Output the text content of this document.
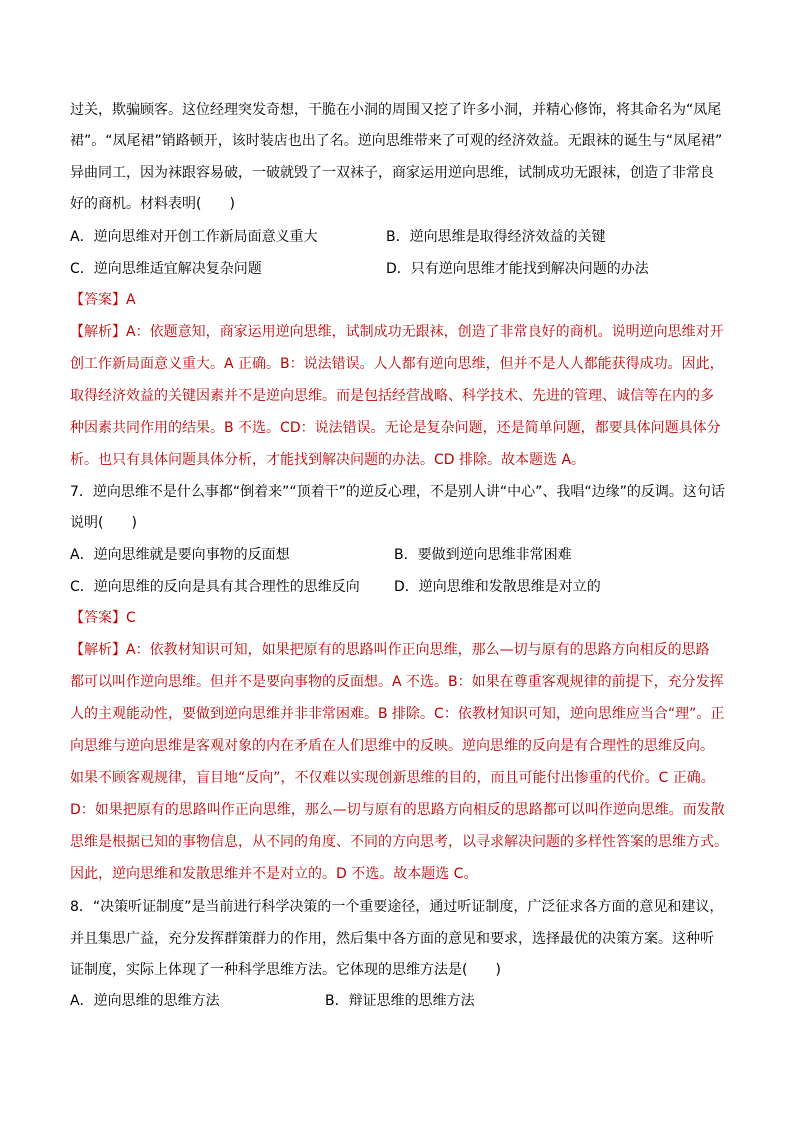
过关，欺骗顾客。这位经理突发奇想，干脆在小洞的周围又挖了许多小洞，并精心修饰，将其命名为“凤尾
裙”。“凤尾裙”销路顿开，该时装店也出了名。逆向思维带来了可观的经济效益。无跟袜的诞生与“凤尾裙”
异曲同工，因为袜跟容易破，一破就毁了一双袜子，商家运用逆向思维，试制成功无跟袜，创造了非常良
好的商机。材料表明(　　)
A．逆向思维对开创工作新局面意义重大	B．逆向思维是取得经济效益的关键
C．逆向思维适宜解决复杂问题	D．只有逆向思维才能找到解决问题的办法
【答案】A
【解析】A：依题意知，商家运用逆向思维，试制成功无跟袜，创造了非常良好的商机。说明逆向思维对开
创工作新局面意义重大。A 正确。B：说法错误。人人都有逆向思维，但并不是人人都能获得成功。因此，
取得经济效益的关键因素并不是逆向思维。而是包括经营战略、科学技术、先进的管理、诚信等在内的多
种因素共同作用的结果。B 不选。CD：说法错误。无论是复杂问题，还是简单问题，都要具体问题具体分
析。也只有具体问题具体分析，才能找到解决问题的办法。CD 排除。故本题选 A。
7．逆向思维不是什么事都“倒着来”“顶着干”的逆反心理，不是别人讲“中心”、我唱“边缘”的反调。这句话
说明(　　)
A．逆向思维就是要向事物的反面想	B．要做到逆向思维非常困难
C．逆向思维的反向是具有其合理性的思维反向 D．逆向思维和发散思维是对立的
【答案】C
【解析】A：依教材知识可知，如果把原有的思路叫作正向思维，那么—切与原有的思路方向相反的思路
都可以叫作逆向思维。但并不是要向事物的反面想。A 不选。B：如果在尊重客观规律的前提下，充分发挥
人的主观能动性，要做到逆向思维并非非常困难。B 排除。C：依教材知识可知，逆向思维应当合“理”。正
向思维与逆向思维是客观对象的内在矛盾在人们思维中的反映。逆向思维的反向是有合理性的思维反向。
如果不顾客观规律，盲目地“反向”，不仅难以实现创新思维的目的，而且可能付出惨重的代价。C 正确。
D：如果把原有的思路叫作正向思维，那么—切与原有的思路方向相反的思路都可以叫作逆向思维。而发散
思维是根据已知的事物信息，从不同的角度、不同的方向思考，以寻求解决问题的多样性答案的思维方式。
因此，逆向思维和发散思维并不是对立的。D 不选。故本题选 C。
8．“决策听证制度”是当前进行科学决策的一个重要途径，通过听证制度，广泛征求各方面的意见和建议，
并且集思广益，充分发挥群策群力的作用，然后集中各方面的意见和要求，选择最优的决策方案。这种听
证制度，实际上体现了一种科学思维方法。它体现的思维方法是(　　)
A．逆向思维的思维方法	B．辩证思维的思维方法
